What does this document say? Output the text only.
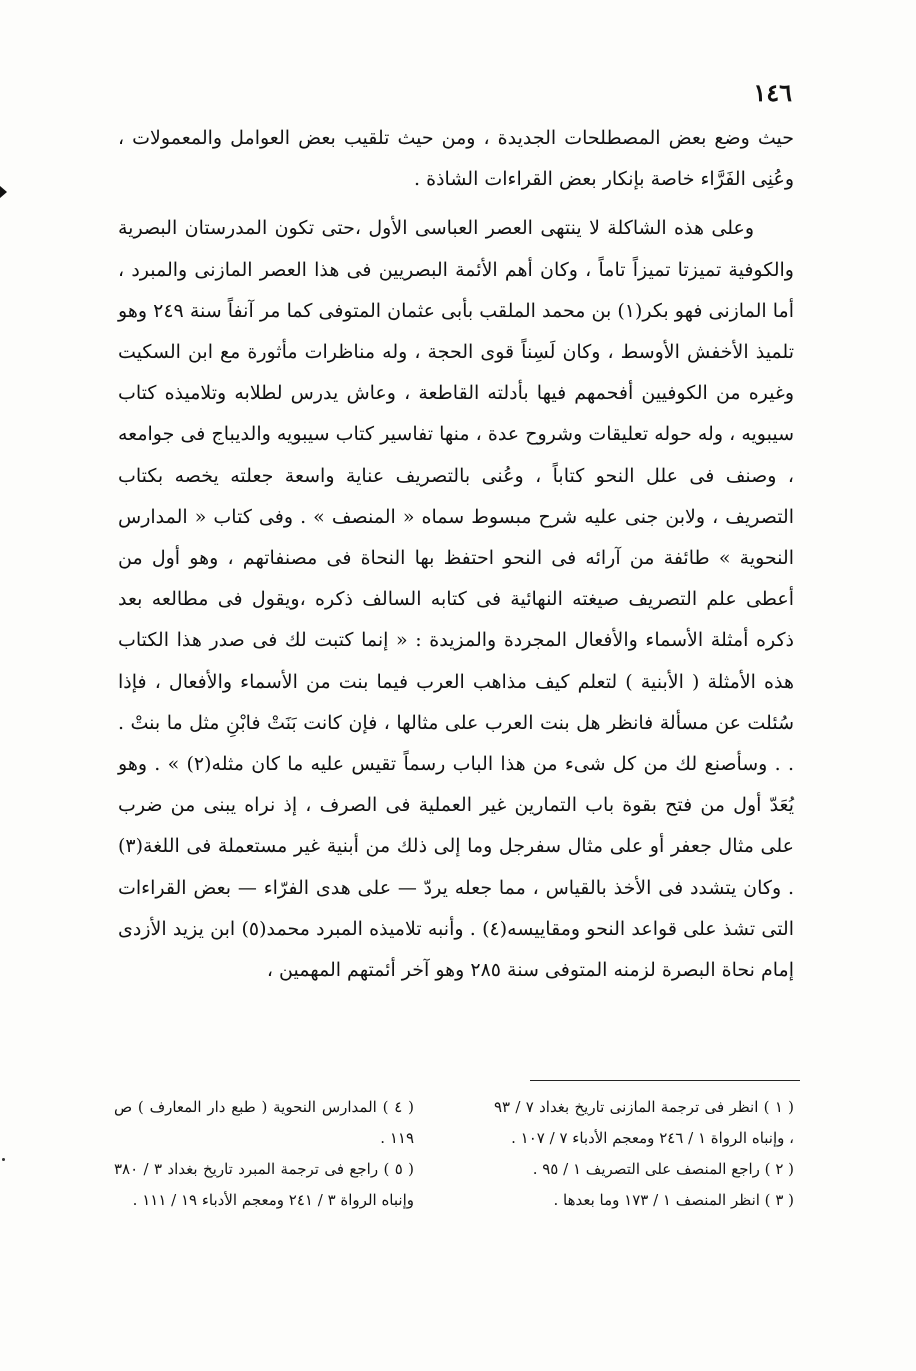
١٤٦

حيث وضع بعض المصطلحات الجديدة ، ومن حيث تلقيب بعض العوامل والمعمولات ، وعُنِى الفَرَّاء خاصة بإنكار بعض القراءات الشاذة .

وعلى هذه الشاكلة لا ينتهى العصر العباسى الأول ،حتى تكون المدرستان البصرية والكوفية تميزتا تميزاً تاماً ، وكان أهم الأئمة البصريين فى هذا العصر المازنى والمبرد ، أما المازنى فهو بكر(١) بن محمد الملقب بأبى عثمان المتوفى كما مر آنفاً سنة ٢٤٩ وهو تلميذ الأخفش الأوسط ، وكان لَسِناً قوى الحجة ، وله مناظرات مأثورة مع ابن السكيت وغيره من الكوفيين أفحمهم فيها بأدلته القاطعة ، وعاش يدرس لطلابه وتلاميذه كتاب سيبويه ، وله حوله تعليقات وشروح عدة ، منها تفاسير كتاب سيبويه والديباج فى جوامعه ، وصنف فى علل النحو كتاباً ، وعُنى بالتصريف عناية واسعة جعلته يخصه بكتاب التصريف ، ولابن جنى عليه شرح مبسوط سماه « المنصف » . وفى كتاب « المدارس النحوية » طائفة من آرائه فى النحو احتفظ بها النحاة فى مصنفاتهم ، وهو أول من أعطى علم التصريف صيغته النهائية فى كتابه السالف ذكره ،ويقول فى مطالعه بعد ذكره أمثلة الأسماء والأفعال المجردة والمزيدة : « إنما كتبت لك فى صدر هذا الكتاب هذه الأمثلة ( الأبنية ) لتعلم كيف مذاهب العرب فيما بنت من الأسماء والأفعال ، فإذا سُئلت عن مسألة فانظر هل بنت العرب على مثالها ، فإن كانت بَنَتْ فابْنِ مثل ما بنتْ . . . وسأصنع لك من كل شىء من هذا الباب رسماً تقيس عليه ما كان مثله(٢) » . وهو يُعَدّ أول من فتح بقوة باب التمارين غير العملية فى الصرف ، إذ نراه يبنى من ضرب على مثال جعفر أو على مثال سفرجل وما إلى ذلك من أبنية غير مستعملة فى اللغة(٣) . وكان يتشدد فى الأخذ بالقياس ، مما جعله يردّ — على هدى الفرّاء — بعض القراءات التى تشذ على قواعد النحو ومقاييسه(٤) . وأنبه تلاميذه المبرد محمد(٥) ابن يزيد الأزدى إمام نحاة البصرة لزمنه المتوفى سنة ٢٨٥ وهو آخر أئمتهم المهمين ،

( ١ ) انظر فى ترجمة المازنى تاريخ بغداد ٧ / ٩٣ ، وإنباه الرواة ١ / ٢٤٦ ومعجم الأدباء ٧ / ١٠٧ .

( ٢ ) راجع المنصف على التصريف ١ / ٩٥ .

( ٣ ) انظر المنصف ١ / ١٧٣ وما بعدها .

( ٤ ) المدارس النحوية ( طبع دار المعارف ) ص ١١٩ .

( ٥ ) راجع فى ترجمة المبرد تاريخ بغداد ٣ / ٣٨٠ وإنباه الرواة ٣ / ٢٤١ ومعجم الأدباء ١٩ / ١١١ .
